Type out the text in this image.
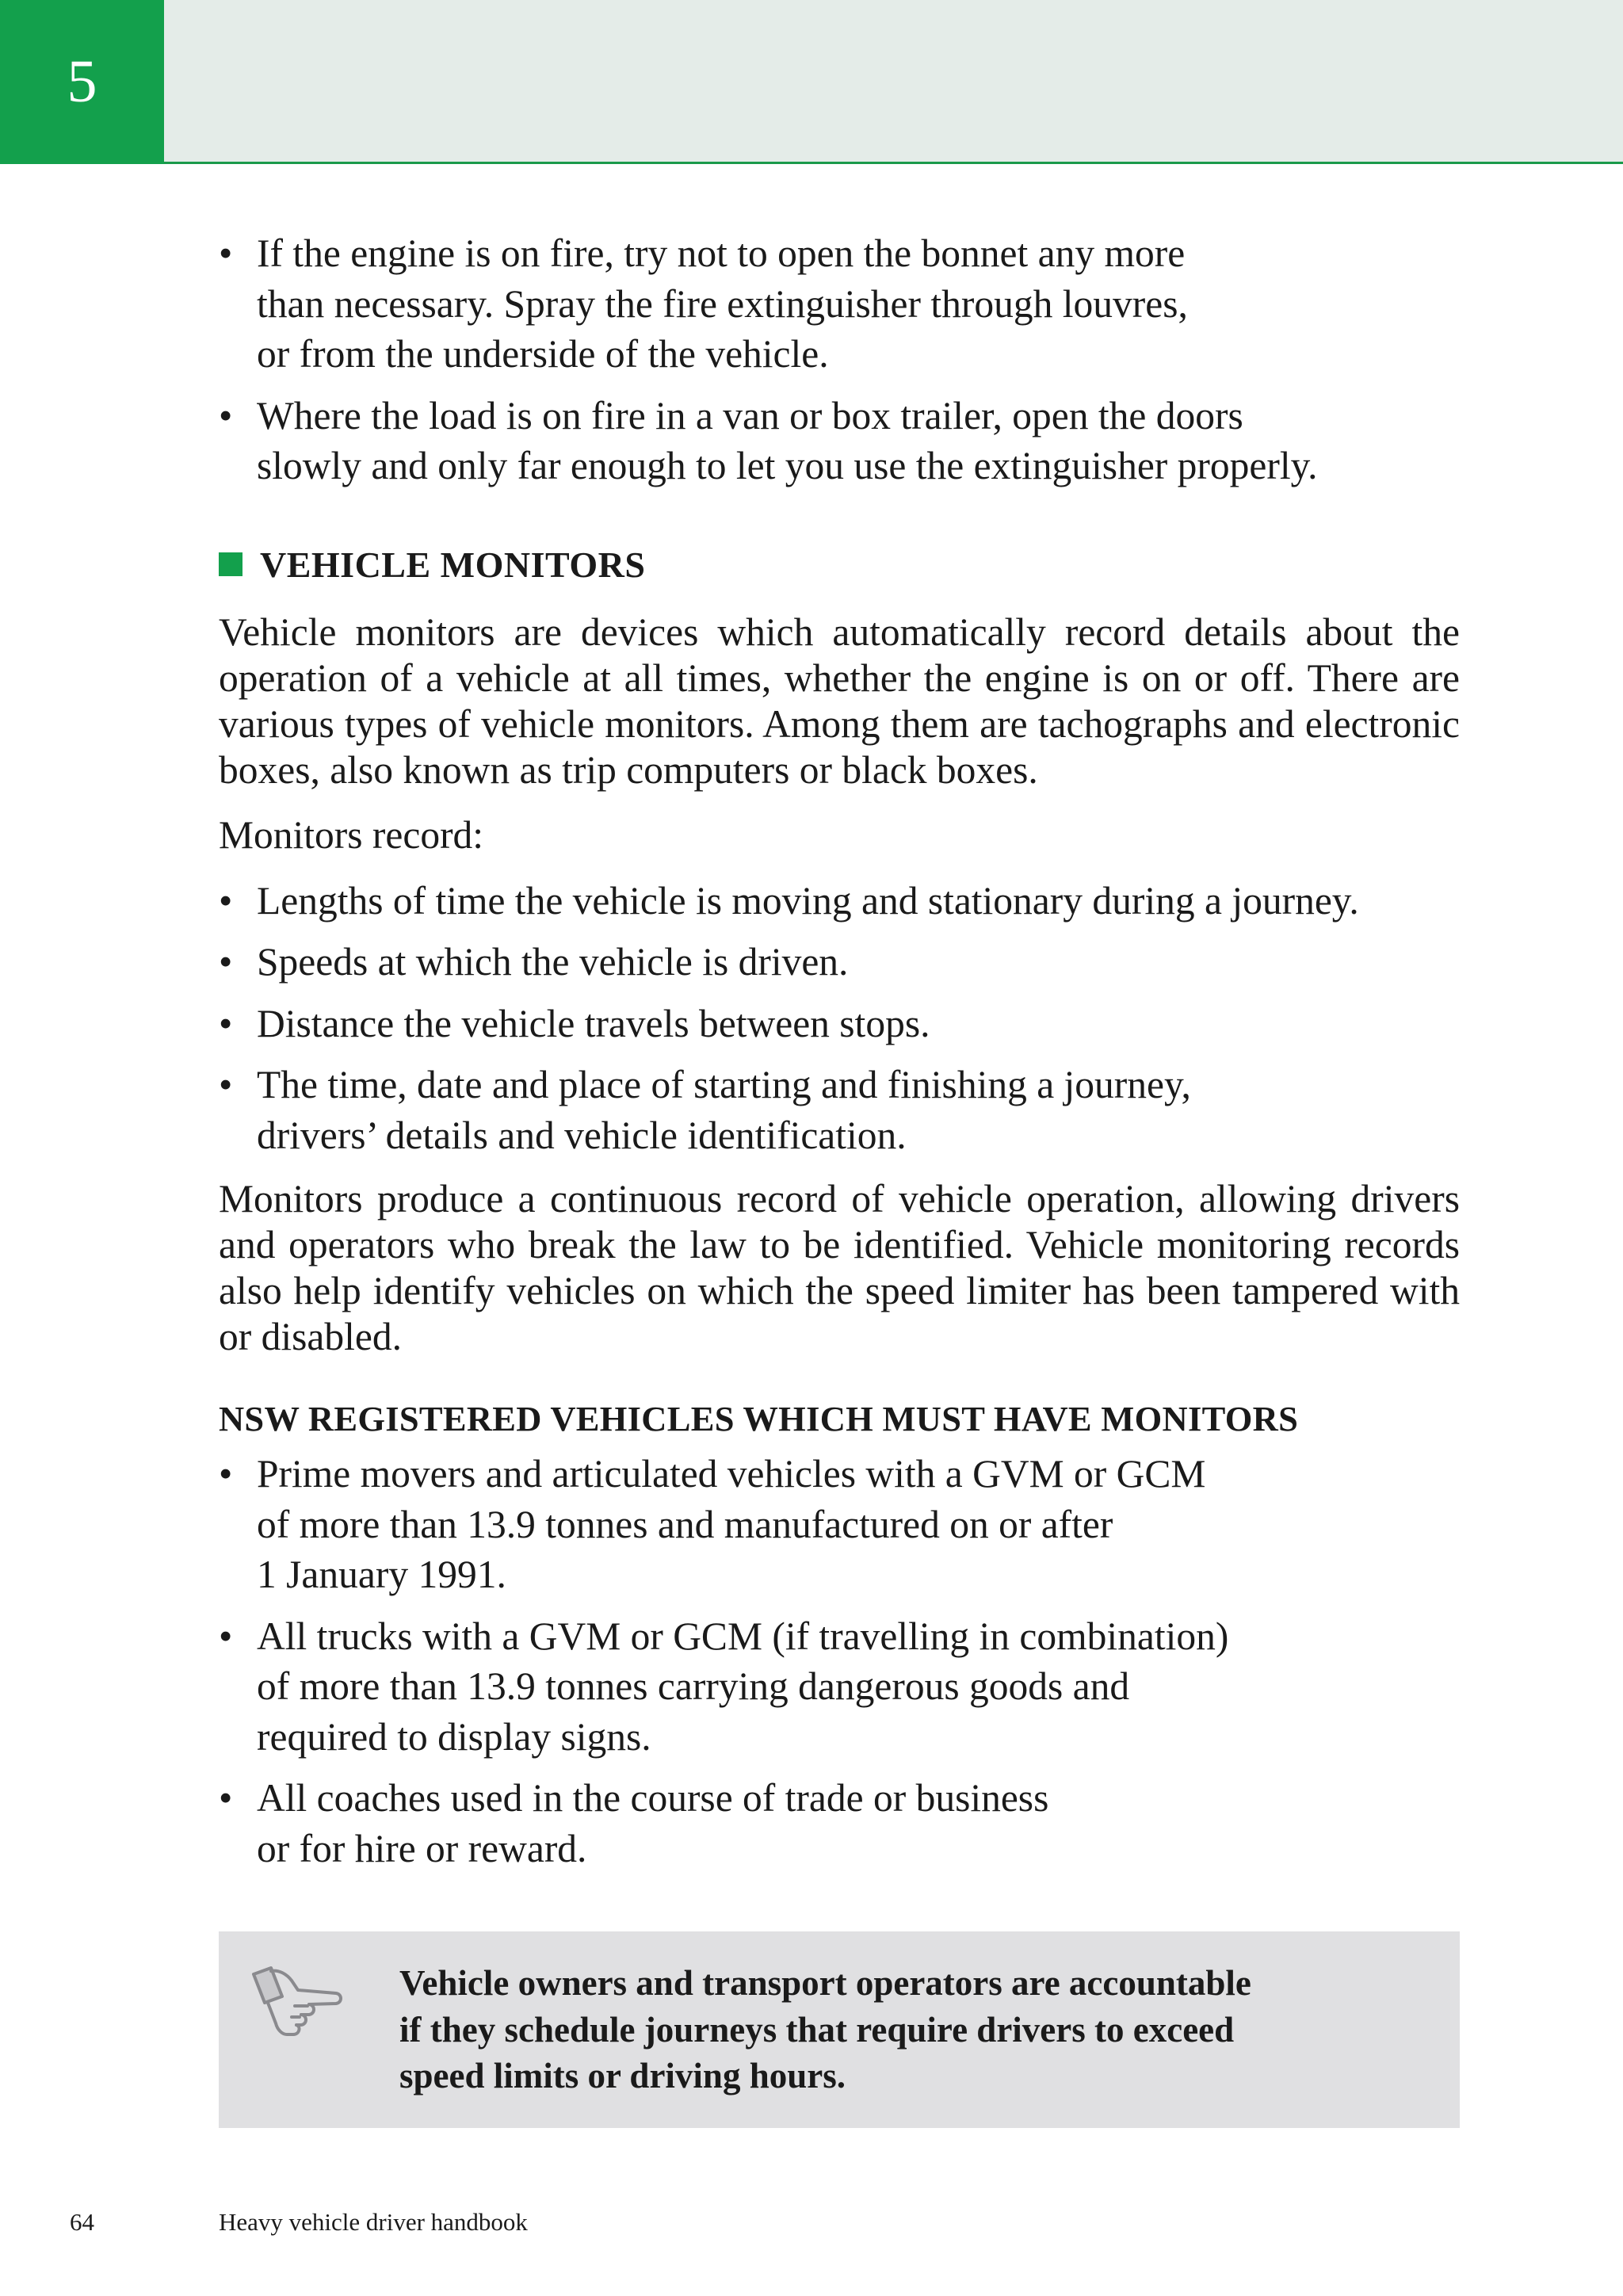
5
• If the engine is on fire, try not to open the bonnet any more
than necessary. Spray the fire extinguisher through louvres,
or from the underside of the vehicle.
• Where the load is on fire in a van or box trailer, open the doors
slowly and only far enough to let you use the extinguisher properly.
VEHICLE MONITORS

Vehicle monitors are devices which automatically record details about the operation of a vehicle at all times, whether the engine is on or off. There are various types of vehicle monitors. Among them are tachographs and electronic boxes, also known as trip computers or black boxes.

Monitors record:

• Lengths of time the vehicle is moving and stationary during a journey.
• Speeds at which the vehicle is driven.
• Distance the vehicle travels between stops.
• The time, date and place of starting and finishing a journey,
drivers’ details and vehicle identification.

Monitors produce a continuous record of vehicle operation, allowing drivers and operators who break the law to be identified. Vehicle monitoring records also help identify vehicles on which the speed limiter has been tampered with or disabled.

NSW REGISTERED VEHICLES WHICH MUST HAVE MONITORS
• Prime movers and articulated vehicles with a GVM or GCM
of more than 13.9 tonnes and manufactured on or after
1 January 1991.
• All trucks with a GVM or GCM (if travelling in combination)
of more than 13.9 tonnes carrying dangerous goods and
required to display signs.
• All coaches used in the course of trade or business
or for hire or reward.
Vehicle owners and transport operators are accountable
if they schedule journeys that require drivers to exceed
speed limits or driving hours.
64	Heavy vehicle driver handbook
